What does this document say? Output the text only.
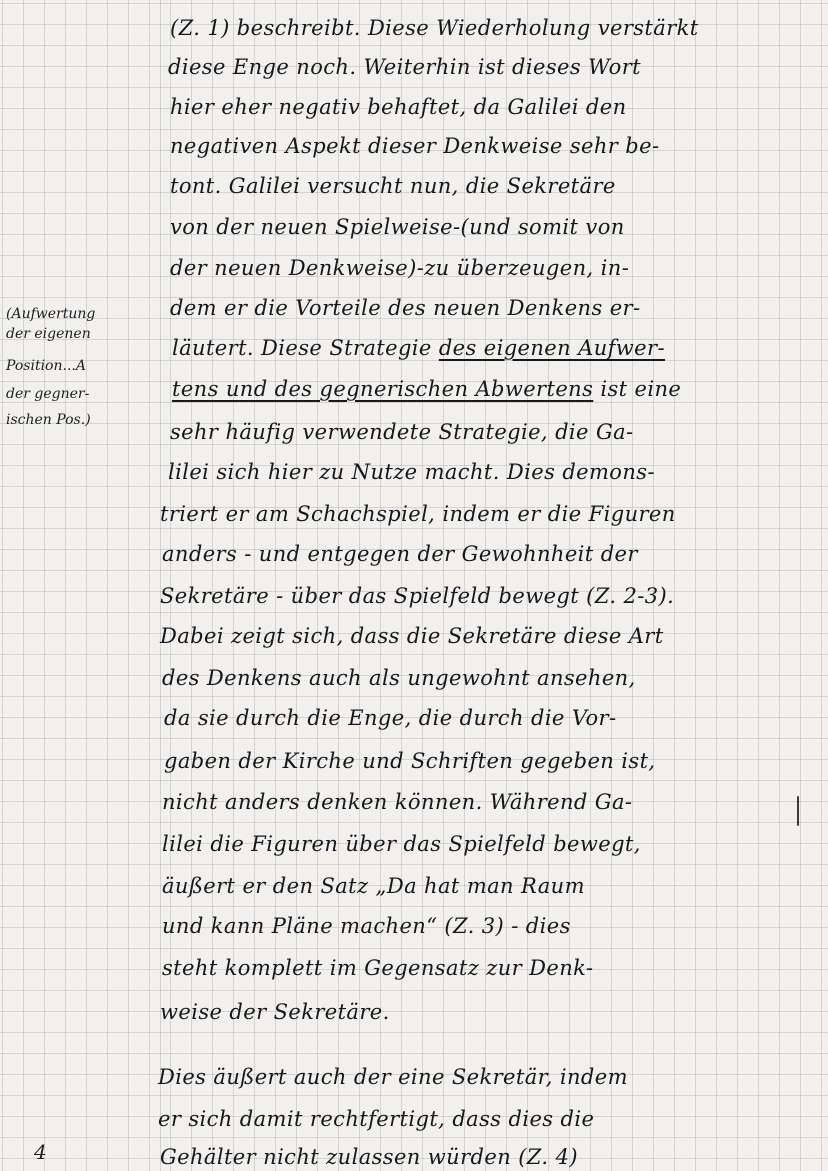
(Z. 1) beschreibt. Diese Wiederholung verstärkt
diese Enge noch. Weiterhin ist dieses Wort
hier eher negativ behaftet, da Galilei den
negativen Aspekt dieser Denkweise sehr be-
tont. Galilei versucht nun, die Sekretäre
von der neuen Spielweise-(und somit von
der neuen Denkweise)-zu überzeugen, in-
dem er die Vorteile des neuen Denkens er-
läutert. Diese Strategie des eigenen Aufwer-
tens und des gegnerischen Abwertens ist eine
sehr häufig verwendete Strategie, die Ga-
lilei sich hier zu Nutze macht. Dies demons-
triert er am Schachspiel, indem er die Figuren
anders - und entgegen der Gewohnheit der
Sekretäre - über das Spielfeld bewegt (Z. 2-3).
Dabei zeigt sich, dass die Sekretäre diese Art
des Denkens auch als ungewohnt ansehen,
da sie durch die Enge, die durch die Vor-
gaben der Kirche und Schriften gegeben ist,
nicht anders denken können. Während Ga-
lilei die Figuren über das Spielfeld bewegt,
äußert er den Satz „Da hat man Raum
und kann Pläne machen“ (Z. 3) - dies
steht komplett im Gegensatz zur Denk-
weise der Sekretäre.
Dies äußert auch der eine Sekretär, indem
er sich damit rechtfertigt, dass dies die
Gehälter nicht zulassen würden (Z. 4)
(Aufwertung
der eigenen
Position...A
der gegner-
ischen Pos.)
4
